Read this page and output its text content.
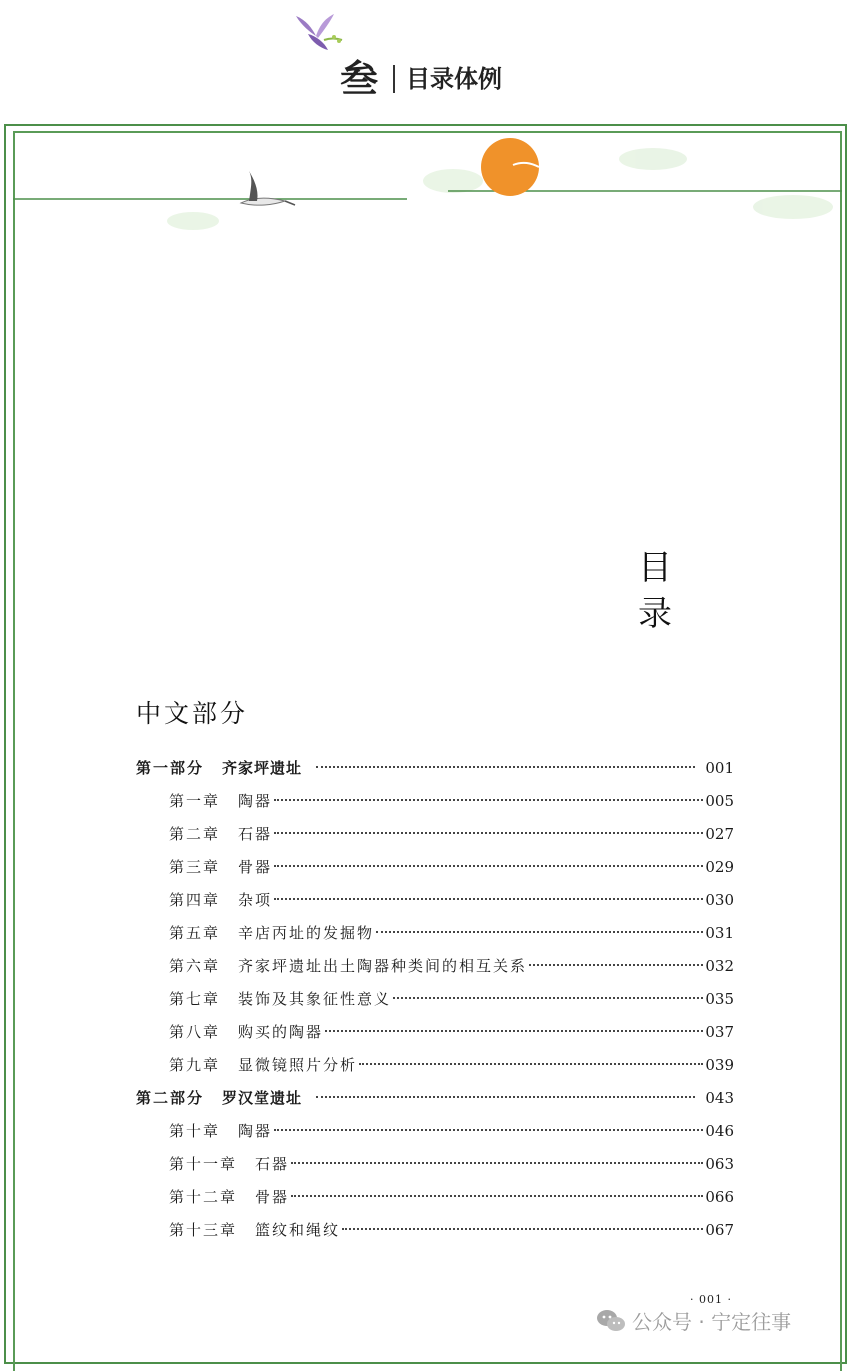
叁 目录体例
目录
中文部分
第一部分 齐家坪遗址	001
第一章 陶器	005
第二章 石器	027
第三章 骨器	029
第四章 杂项	030
第五章 辛店丙址的发掘物	031
第六章 齐家坪遗址出土陶器种类间的相互关系	032
第七章 装饰及其象征性意义	035
第八章 购买的陶器	037
第九章 显微镜照片分析	039
第二部分 罗汉堂遗址	043
第十章 陶器	046
第十一章 石器	063
第十二章 骨器	066
第十三章 篮纹和绳纹	067
· 001 ·
公众号 · 宁定往事
